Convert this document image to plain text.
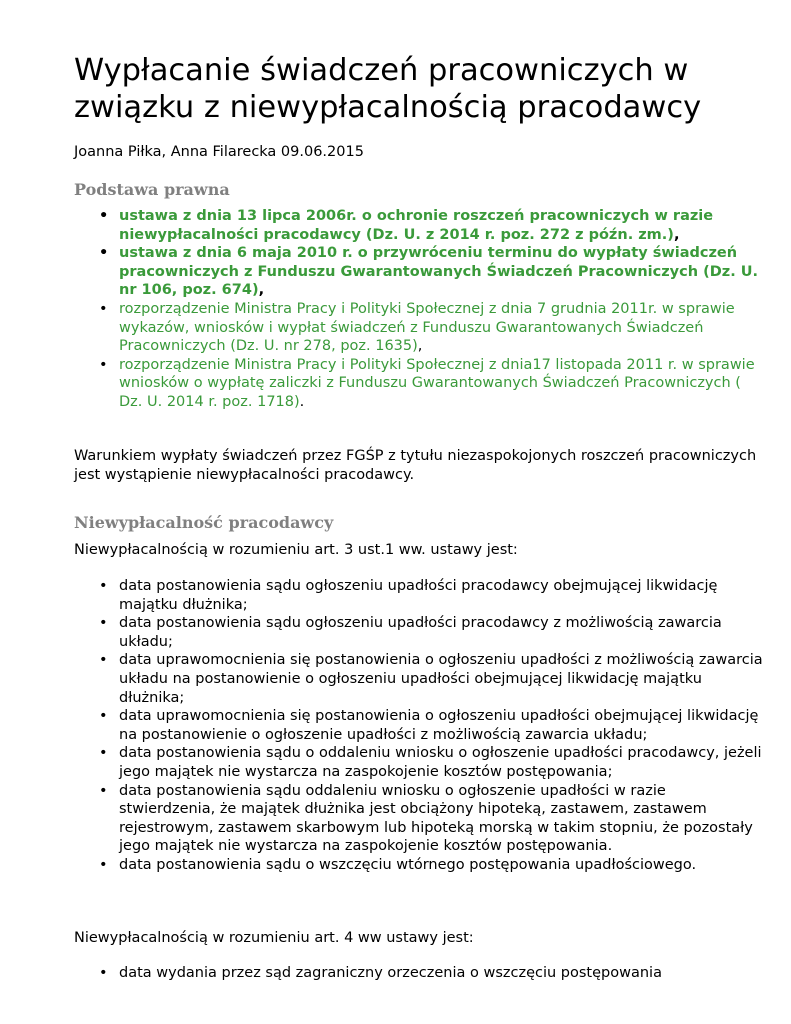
Wypłacanie świadczeń pracowniczych w związku z niewypłacalnością pracodawcy

Joanna Piłka, Anna Filarecka 09.06.2015

Podstawa prawna
• ustawa z dnia 13 lipca 2006r. o ochronie roszczeń pracowniczych w razie niewypłacalności pracodawcy (Dz. U. z 2014 r. poz. 272 z późn. zm.),
• ustawa z dnia 6 maja 2010 r. o przywróceniu terminu do wypłaty świadczeń pracowniczych z Funduszu Gwarantowanych Świadczeń Pracowniczych (Dz. U. nr 106, poz. 674),
• rozporządzenie Ministra Pracy i Polityki Społecznej z dnia 7 grudnia 2011r. w sprawie wykazów, wniosków i wypłat świadczeń z Funduszu Gwarantowanych Świadczeń Pracowniczych (Dz. U. nr 278, poz. 1635),
• rozporządzenie Ministra Pracy i Polityki Społecznej z dnia17 listopada 2011 r. w sprawie wniosków o wypłatę zaliczki z Funduszu Gwarantowanych Świadczeń Pracowniczych ( Dz. U. 2014 r. poz. 1718).

Warunkiem wypłaty świadczeń przez FGŚP z tytułu niezaspokojonych roszczeń pracowniczych jest wystąpienie niewypłacalności pracodawcy.

Niewypłacalność pracodawcy

Niewypłacalnością w rozumieniu art. 3 ust.1 ww. ustawy jest:

• data postanowienia sądu ogłoszeniu upadłości pracodawcy obejmującej likwidację majątku dłużnika;
• data postanowienia sądu ogłoszeniu upadłości pracodawcy z możliwością zawarcia układu;
• data uprawomocnienia się postanowienia o ogłoszeniu upadłości z możliwością zawarcia układu na postanowienie o ogłoszeniu upadłości obejmującej likwidację majątku dłużnika;
• data uprawomocnienia się postanowienia o ogłoszeniu upadłości obejmującej likwidację na postanowienie o ogłoszenie upadłości z możliwością zawarcia układu;
• data postanowienia sądu o oddaleniu wniosku o ogłoszenie upadłości pracodawcy, jeżeli jego majątek nie wystarcza na zaspokojenie kosztów postępowania;
• data postanowienia sądu oddaleniu wniosku o ogłoszenie upadłości w razie stwierdzenia, że majątek dłużnika jest obciążony hipoteką, zastawem, zastawem rejestrowym, zastawem skarbowym lub hipoteką morską w takim stopniu, że pozostały jego majątek nie wystarcza na zaspokojenie kosztów postępowania.
• data postanowienia sądu o wszczęciu wtórnego postępowania upadłościowego.

Niewypłacalnością w rozumieniu art. 4 ww ustawy jest:

• data wydania przez sąd zagraniczny orzeczenia o wszczęciu postępowania
